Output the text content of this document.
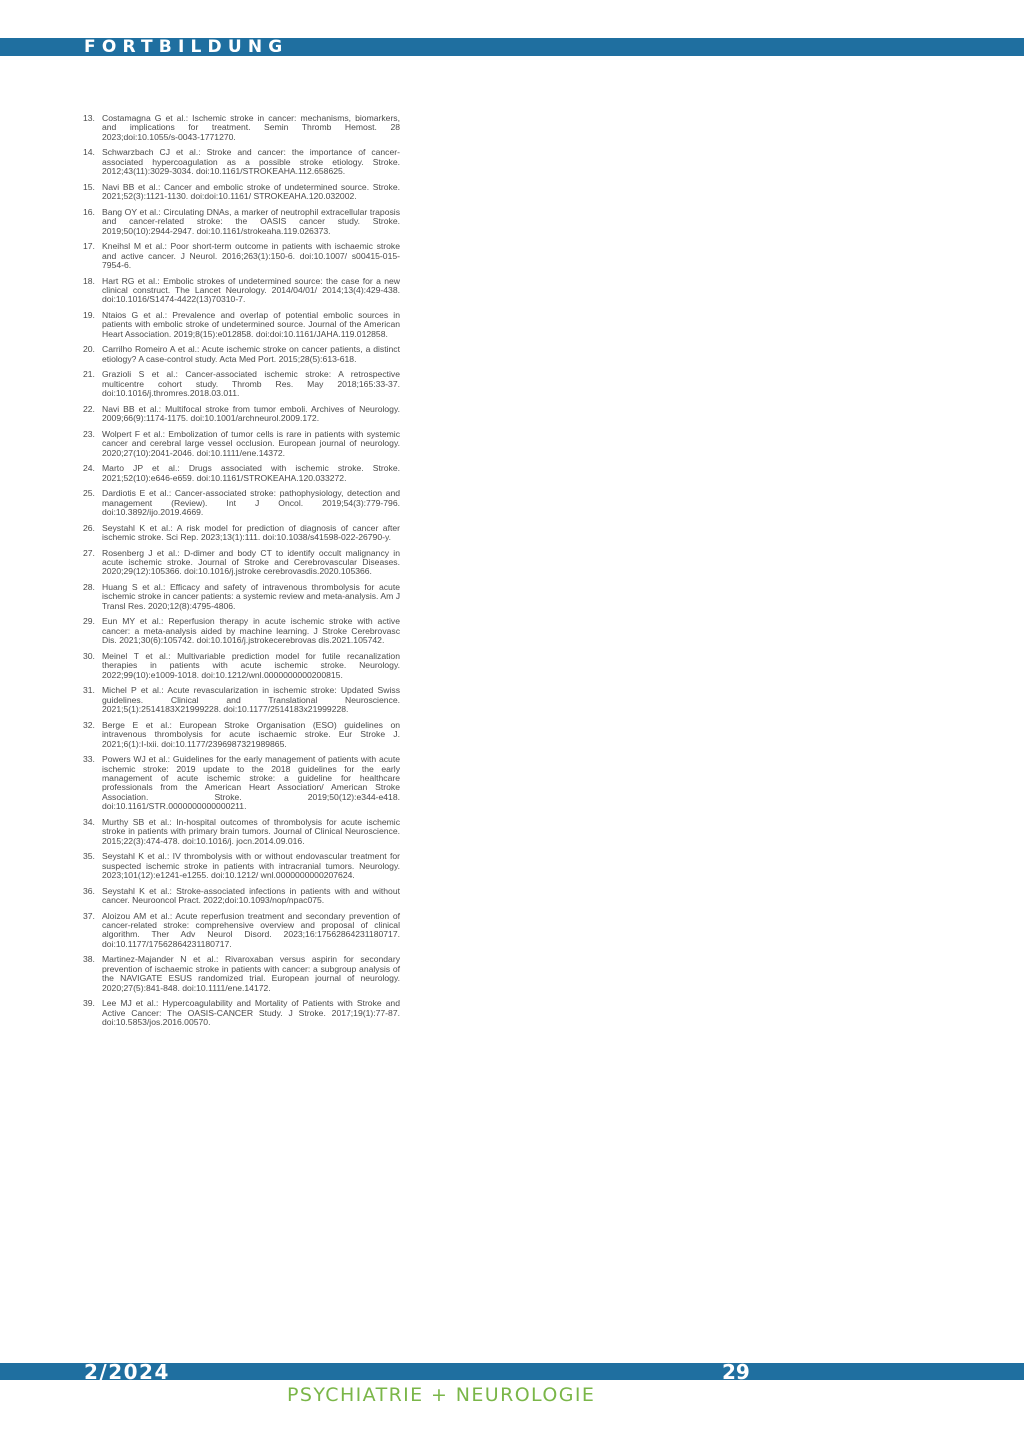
FORTBILDUNG
13. Costamagna G et al.: Ischemic stroke in cancer: mechanisms, biomarkers, and implications for treatment. Semin Thromb Hemost. 28 2023;doi:10.1055/s-0043-1771270.
14. Schwarzbach CJ et al.: Stroke and cancer: the importance of cancer-associated hypercoagulation as a possible stroke etiology. Stroke. 2012;43(11):3029-3034. doi:10.1161/STROKEAHA.112.658625.
15. Navi BB et al.: Cancer and embolic stroke of undetermined source. Stroke. 2021;52(3):1121-1130. doi:doi:10.1161/ STROKEAHA.120.032002.
16. Bang OY et al.: Circulating DNAs, a marker of neutrophil extracellular traposis and cancer-related stroke: the OASIS cancer study. Stroke. 2019;50(10):2944-2947. doi:10.1161/strokeaha.119.026373.
17. Kneihsl M et al.: Poor short-term outcome in patients with ischaemic stroke and active cancer. J Neurol. 2016;263(1):150-6. doi:10.1007/ s00415-015-7954-6.
18. Hart RG et al.: Embolic strokes of undetermined source: the case for a new clinical construct. The Lancet Neurology. 2014/04/01/ 2014;13(4):429-438. doi:10.1016/S1474-4422(13)70310-7.
19. Ntaios G et al.: Prevalence and overlap of potential embolic sources in patients with embolic stroke of undetermined source. Journal of the American Heart Association. 2019;8(15):e012858. doi:doi:10.1161/JAHA.119.012858.
20. Carrilho Romeiro A et al.: Acute ischemic stroke on cancer patients, a distinct etiology? A case-control study. Acta Med Port. 2015;28(5):613-618.
21. Grazioli S et al.: Cancer-associated ischemic stroke: A retrospective multicentre cohort study. Thromb Res. May 2018;165:33-37. doi:10.1016/j.thromres.2018.03.011.
22. Navi BB et al.: Multifocal stroke from tumor emboli. Archives of Neurology. 2009;66(9):1174-1175. doi:10.1001/archneurol.2009.172.
23. Wolpert F et al.: Embolization of tumor cells is rare in patients with systemic cancer and cerebral large vessel occlusion. European journal of neurology. 2020;27(10):2041-2046. doi:10.1111/ene.14372.
24. Marto JP et al.: Drugs associated with ischemic stroke. Stroke. 2021;52(10):e646-e659. doi:10.1161/STROKEAHA.120.033272.
25. Dardiotis E et al.: Cancer-associated stroke: pathophysiology, detection and management (Review). Int J Oncol. 2019;54(3):779-796. doi:10.3892/ijo.2019.4669.
26. Seystahl K et al.: A risk model for prediction of diagnosis of cancer after ischemic stroke. Sci Rep. 2023;13(1):111. doi:10.1038/s41598-022-26790-y.
27. Rosenberg J et al.: D-dimer and body CT to identify occult malignancy in acute ischemic stroke. Journal of Stroke and Cerebrovascular Diseases. 2020;29(12):105366. doi:10.1016/j.jstroke cerebrovasdis.2020.105366.
28. Huang S et al.: Efficacy and safety of intravenous thrombolysis for acute ischemic stroke in cancer patients: a systemic review and meta-analysis. Am J Transl Res. 2020;12(8):4795-4806.
29. Eun MY et al.: Reperfusion therapy in acute ischemic stroke with active cancer: a meta-analysis aided by machine learning. J Stroke Cerebrovasc Dis. 2021;30(6):105742. doi:10.1016/j.jstrokecerebrovas dis.2021.105742.
30. Meinel T et al.: Multivariable prediction model for futile recanalization therapies in patients with acute ischemic stroke. Neurology. 2022;99(10):e1009-1018. doi:10.1212/wnl.0000000000200815.
31. Michel P et al.: Acute revascularization in ischemic stroke: Updated Swiss guidelines. Clinical and Translational Neuroscience. 2021;5(1):2514183X21999228. doi:10.1177/2514183x21999228.
32. Berge E et al.: European Stroke Organisation (ESO) guidelines on intravenous thrombolysis for acute ischaemic stroke. Eur Stroke J. 2021;6(1):I-lxii. doi:10.1177/2396987321989865.
33. Powers WJ et al.: Guidelines for the early management of patients with acute ischemic stroke: 2019 update to the 2018 guidelines for the early management of acute ischemic stroke: a guideline for healthcare professionals from the American Heart Association/ American Stroke Association. Stroke. 2019;50(12):e344-e418. doi:10.1161/STR.0000000000000211.
34. Murthy SB et al.: In-hospital outcomes of thrombolysis for acute ischemic stroke in patients with primary brain tumors. Journal of Clinical Neuroscience. 2015;22(3):474-478. doi:10.1016/j. jocn.2014.09.016.
35. Seystahl K et al.: IV thrombolysis with or without endovascular treatment for suspected ischemic stroke in patients with intracranial tumors. Neurology. 2023;101(12):e1241-e1255. doi:10.1212/ wnl.0000000000207624.
36. Seystahl K et al.: Stroke-associated infections in patients with and without cancer. Neurooncol Pract. 2022;doi:10.1093/nop/npac075.
37. Aloizou AM et al.: Acute reperfusion treatment and secondary prevention of cancer-related stroke: comprehensive overview and proposal of clinical algorithm. Ther Adv Neurol Disord. 2023;16:17562864231180717. doi:10.1177/17562864231180717.
38. Martinez-Majander N et al.: Rivaroxaban versus aspirin for secondary prevention of ischaemic stroke in patients with cancer: a subgroup analysis of the NAVIGATE ESUS randomized trial. European journal of neurology. 2020;27(5):841-848. doi:10.1111/ene.14172.
39. Lee MJ et al.: Hypercoagulability and Mortality of Patients with Stroke and Active Cancer: The OASIS-CANCER Study. J Stroke. 2017;19(1):77-87. doi:10.5853/jos.2016.00570.
2/2024	29
PSYCHIATRIE + NEUROLOGIE
